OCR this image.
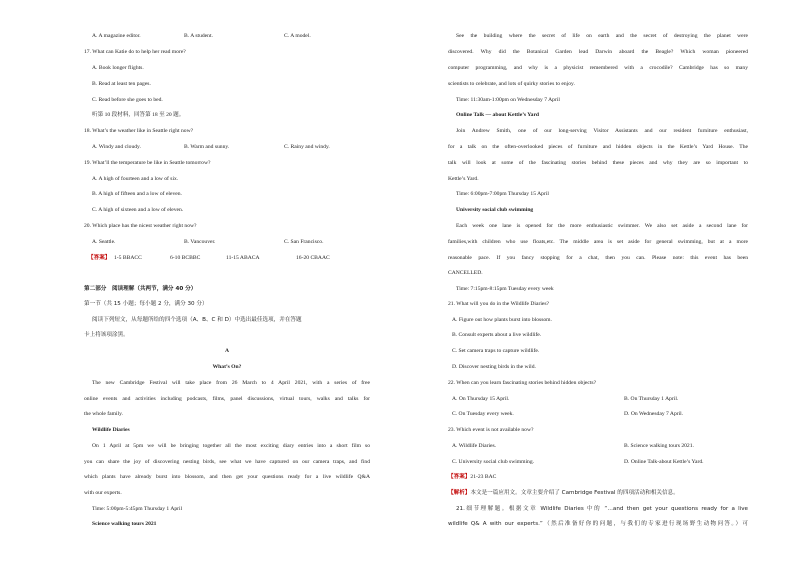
A. A magazine editor.	B. A student.	C. A model.
17. What can Katie do to help her read more?
A. Book longer flights.
B. Read at least ten pages.
C. Read before she goes to bed.
听第 10 段材料，回答第 18 至 20 题。
18. What’s the weather like in Seattle right now?
A. Windy and cloudy.	B. Warm and sunny.	C. Rainy and windy.
19. What’ll the temperature be like in Seattle tomorrow?
A. A high of fourteen and a low of six.
B. A high of fifteen and a low of eleven.
C. A high of sixteen and a low of eleven.
20. Which place has the nicest weather right now?
A. Seattle.	B. Vancouver.	C. San Francisco.
【答案】 1-5 BBACC	6-10 BCBBC	11-15 ABACA	16-20 CBAAC
第二部分　阅读理解（共两节，满分 40 分）
第一节（共 15 小题；每小题 2 分，满分 30 分）
阅读下列短文，从每题所给的四个选项（A、B、C 和 D）中选出最佳选项，并在答题
卡上将该项涂黑。
A
What’s On?
The new Cambridge Festival will take place from 26 March to 4 April 2021, with a series of free
online events and activities including podcasts, films, panel discussions, virtual tours, walks and talks for
the whole family.
Wildlife Diaries
On 1 April at 5pm we will be bringing together all the most exciting diary entries into a short film so
you can share the joy of discovering nesting birds, see what we have captured on our camera traps, and find
which plants have already burst into blossom, and then get your questions ready for a live wildlife Q&A
with our experts.
Time: 5:00pm-5:45pm Thursday 1 April
Science walking tours 2021
See the building where the secret of life on earth and the secret of destroying the planet were
discovered. Why did the Botanical Garden lead Darwin aboard the Beagle? Which woman pioneered
computer programming, and why is a physicist remembered with a crocodile? Cambridge has so many
scientists to celebrate, and lots of quirky stories to enjoy.
Time: 11:30am-1:00pm on Wednesday 7 April
Online Talk — about Kettle’s Yard
Join Andrew Smith, one of our long-serving Visitor Assistants and our resident furniture enthusiast,
for a talk on the often-overlooked pieces of furniture and hidden objects in the Kettle’s Yard House. The
talk will look at some of the fascinating stories behind these pieces and why they are so important to
Kettle’s Yard.
Time: 6:00pm-7:00pm Thursday 15 April
University social club swimming
Each week one lane is opened for the more enthusiastic swimmer. We also set aside a second lane for
families,with children who use floats,etc. The middle area is set aside for general swimming, but at a more
reasonable pace. If you fancy stopping for a chat, then you can. Please note: this event has been
CANCELLED.
Time: 7:15pm-8:15pm Tuesday every week
21. What will you do in the Wildlife Diaries?
A. Figure out how plants burst into blossom.
B. Consult experts about a live wildlife.
C. Set camera traps to capture wildlife.
D. Discover nesting birds in the wild.
22. When can you learn fascinating stories behind hidden objects?
A. On Thursday 15 April.	B. On Thursday 1 April.
C. On Tuesday every week.	D. On Wednesday 7 April.
23. Which event is not available now?
A. Wildlife Diaries.	B. Science walking tours 2021.
C. University social club swimming.	D. Online Talk-about Kettle’s Yard.
【答案】21-23 BAC
【解析】本文是一篇应用文。文章主要介绍了 Cambridge Festival 的四项活动和相关信息。
21.细节理解题。根据文章 Wildlife Diaries 中的 “…and then get your questions ready for a live
wildlife Q& A with our experts.”（然后准备好你的问题，与我们的专家进行现场野生动物问答。）可
